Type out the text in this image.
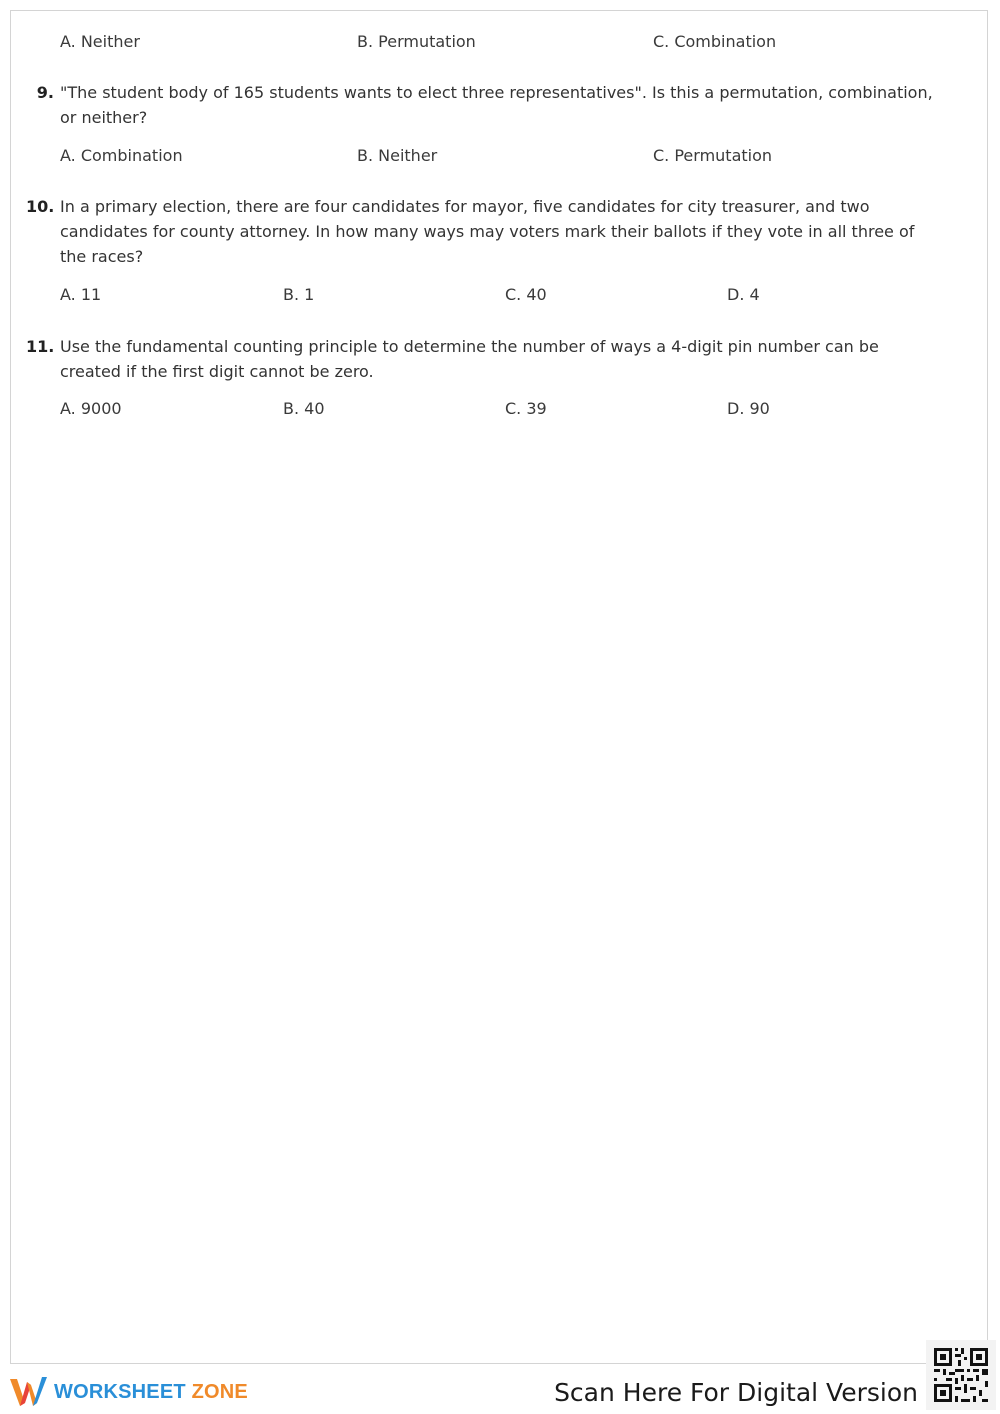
A. Neither	B. Permutation	C. Combination
9. "The student body of 165 students wants to elect three representatives". Is this a permutation, combination,
or neither?
A. Combination	B. Neither	C. Permutation
10. In a primary election, there are four candidates for mayor, five candidates for city treasurer, and two
candidates for county attorney. In how many ways may voters mark their ballots if they vote in all three of
the races?
A. 11	B. 1	C. 40	D. 4
11. Use the fundamental counting principle to determine the number of ways a 4-digit pin number can be
created if the first digit cannot be zero.
A. 9000	B. 40	C. 39	D. 90
WORKSHEET ZONE	Scan Here For Digital Version
